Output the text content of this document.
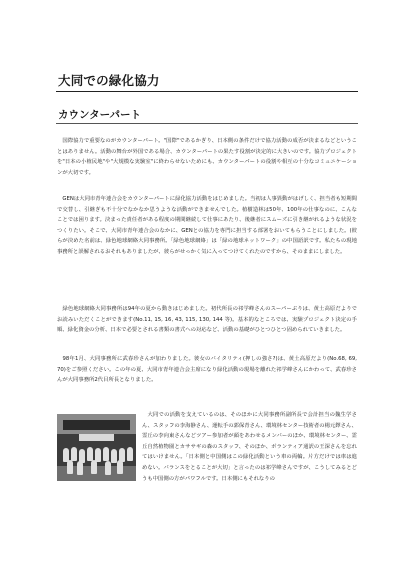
大同での緑化協力
カウンターパート

　国際協力で重要なのがカウンターパート。"国際"であるかぎり、日本側の条件だけで協力活動の成否が決まるなどということはありません。活動の舞台が外国である場合、カウンターパートの果たす役割が決定的に大きいのです。協力プロジェクトを"日本の小植民地"や"大規模な実験室"に終わらせないためにも、カウンターパートの役割や相互の十分なコミュニケーションが大切です。

　GENは大同市青年連合会をカウンターパートに緑化協力活動をはじめました。当初は人事異動がはげしく、担当者も短期間で交替し、引継ぎも不十分でなかなか思うような活動ができませんでした。植樹造林は50年、100年の仕事なのに、こんなことでは困ります。決まった責任者がある程度の期間継続して仕事にあたり、後継者にスムーズに引き継がれるような状況をつくりたい。そこで、大同市青年連合会のなかに、GENとの協力を専門に担当する部署をおいてもらうことにしました。(彼らが決めた名前は、緑色地球網絡大同事務所。「緑色地球網絡」は「緑の地球ネットワーク」の中国語訳です。私たちの現地事務所と誤解されるおそれもありましたが、彼らがせっかく気に入ってつけてくれたのですから、そのままにしました。

　緑色地球網絡大同事務所は94年の夏から動きはじめました。初代所長の祁学峰さんのスーパーぶりは、黄土高原だよりでお読みいただくことができます(No.11, 15, 16, 43, 115, 130, 144 等)。基本的なところでは、実験プロジェクト決定の手順、緑化資金の分析、日本で必要とされる書類の書式への対応など、活動の基礎がひとつひとつ固められていきました。

　98年1月、大同事務所に武春珍さんが加わりました。彼女のバイタリティ(押しの強さ?)は、黄土高原だより(No.68, 69, 70)をご参照ください。この年の夏、大同市青年連合会主席になり緑化活動の現場を離れた祁学峰さんにかわって、武春珍さんが大同事務所2代目所長となりました。

　大同での活動を支えているのは、そのほかに大同事務所副所長で会計担当の魏生学さん、スタッフの李海静さん、運転手の郭保青さん、環境林センター技術者の楊元鐸さん、霊丘の李向東さんなどツアー参加者が顔をあわせるメンバーのほか、環境林センター、霊丘自然植物園とカササギの森のスタッフ、そのほか、ボランティア通訳の王深さんを忘れてはいけません。「日本側と中国側はこの緑化活動という車の両輪。片方だけでは車は進めない。バランスをとることが大切」と言ったのは祁学峰さんですが、こうしてみるとどうも中国側の方がパワフルです。日本側にもそれなりの
